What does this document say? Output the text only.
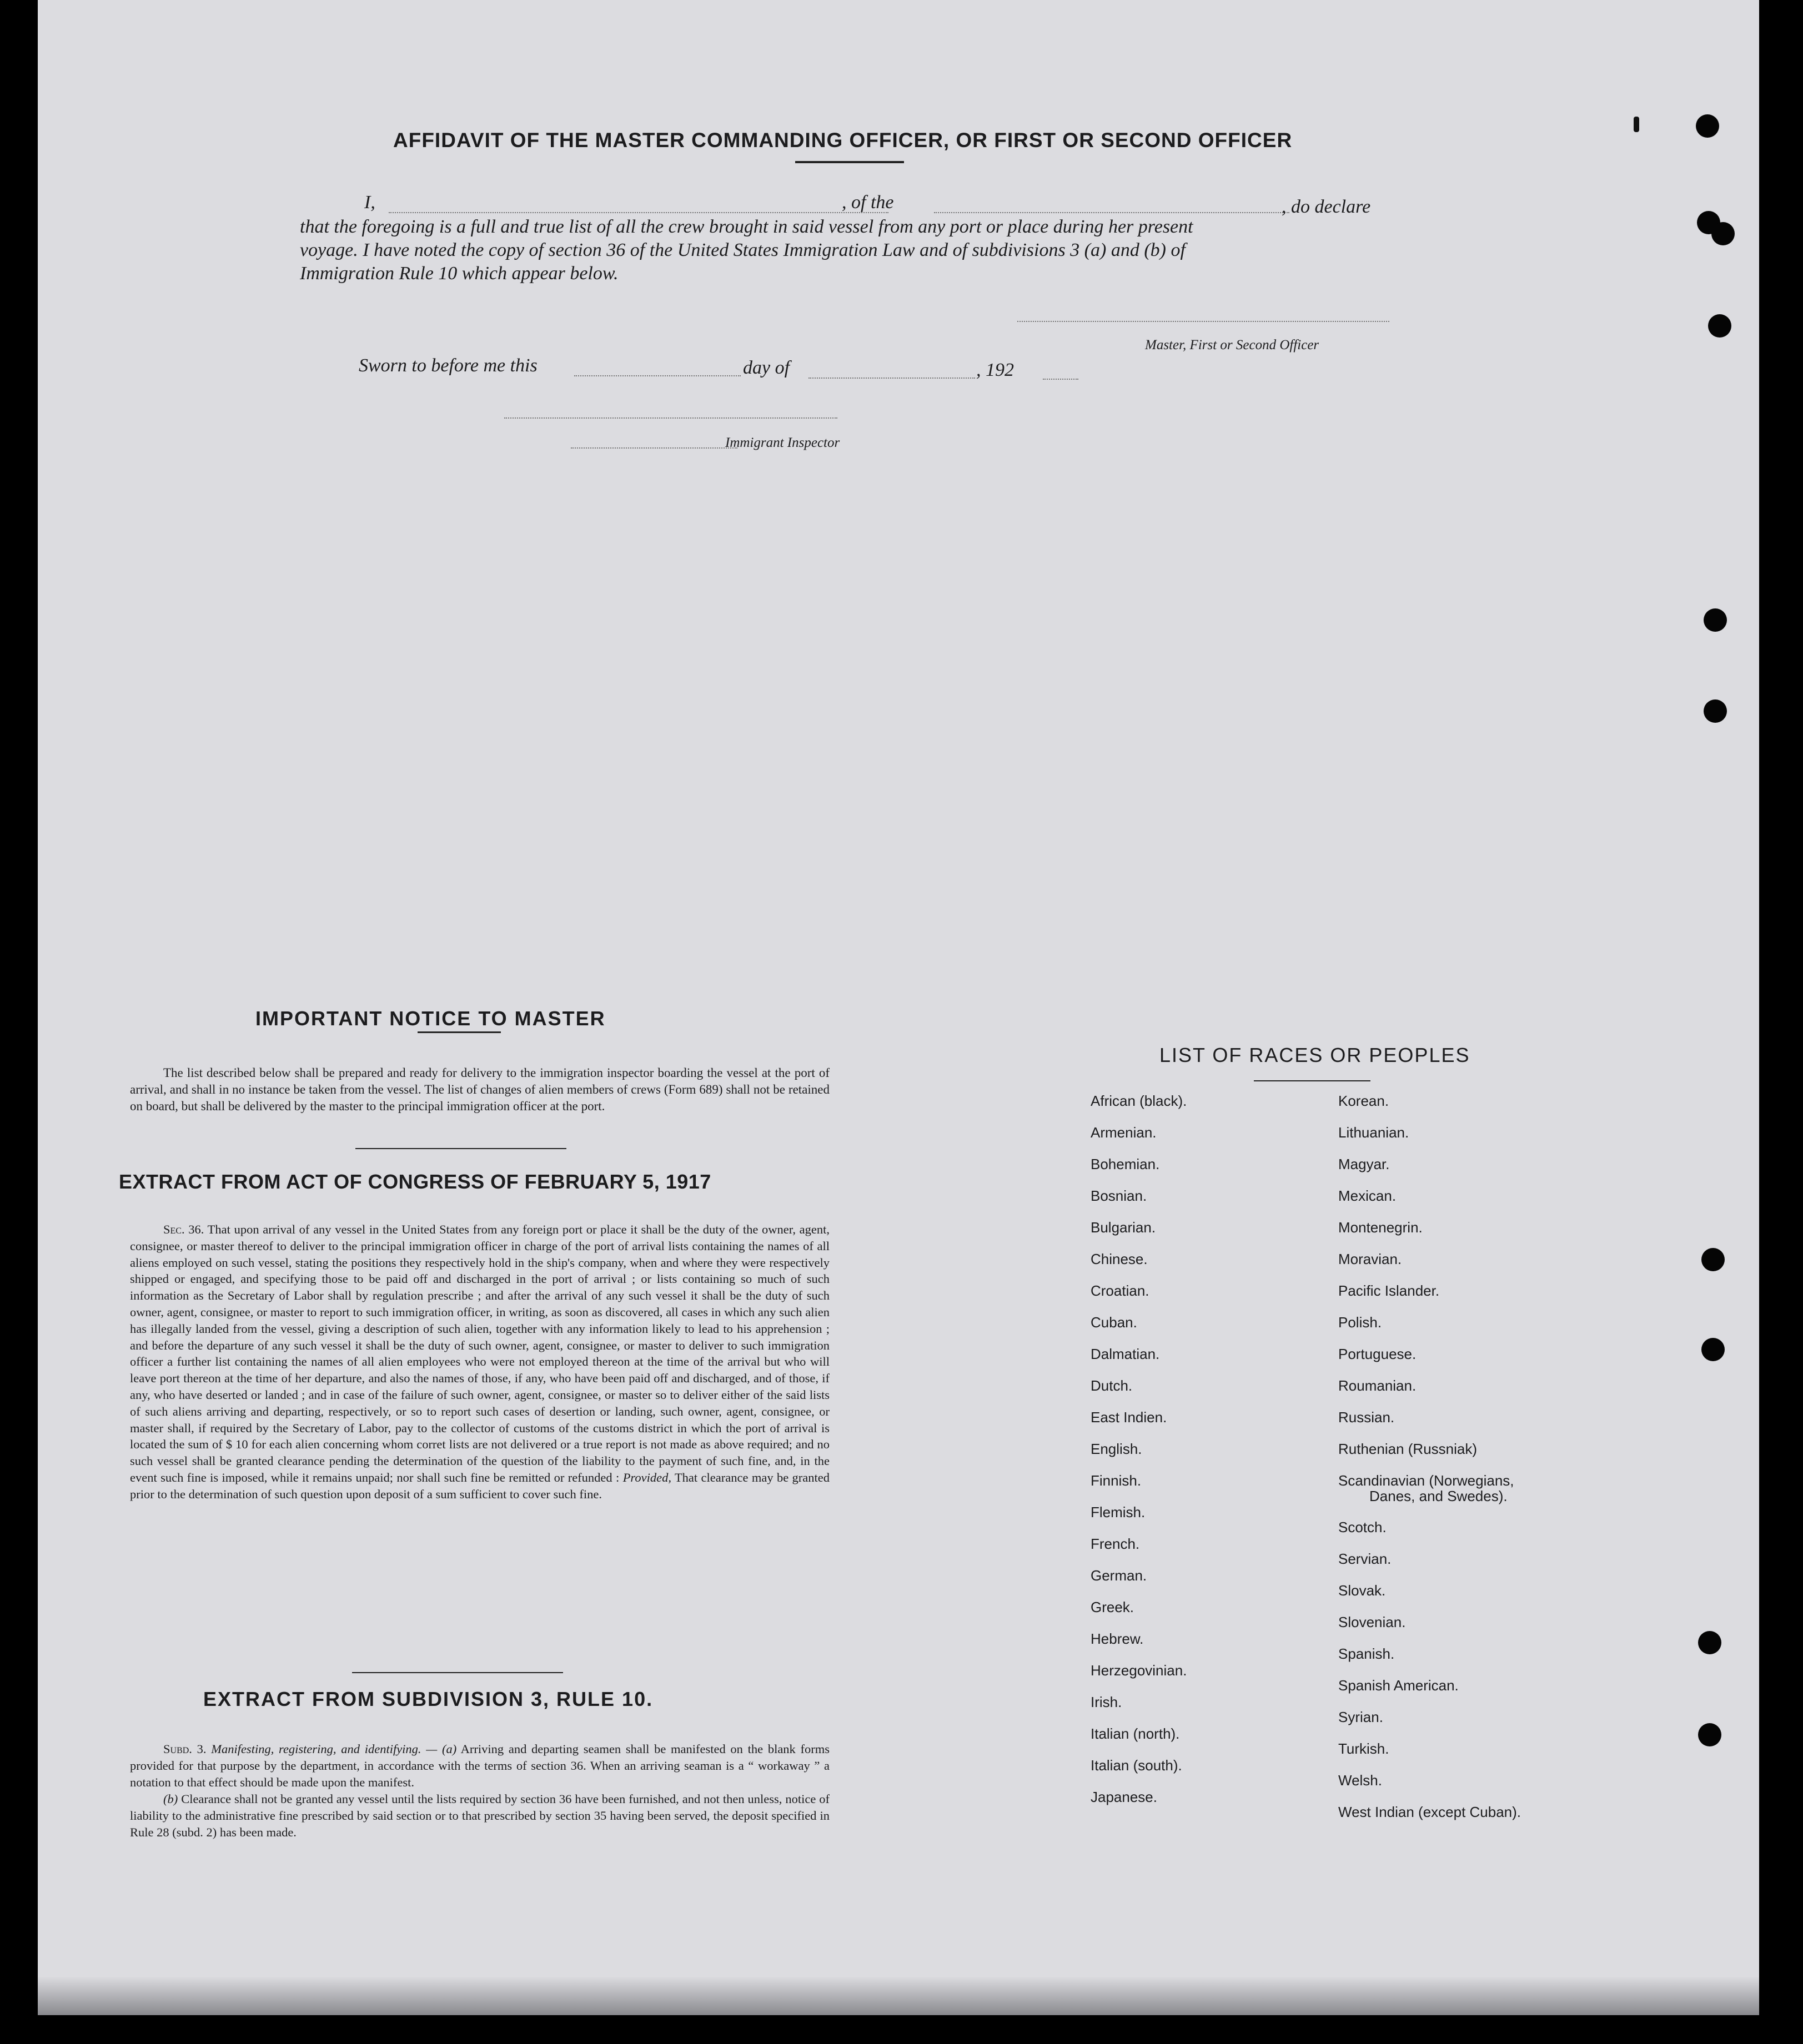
AFFIDAVIT OF THE MASTER COMMANDING OFFICER, OR FIRST OR SECOND OFFICER
I,	, of the	, do declare
that the foregoing is a full and true list of all the crew brought in said vessel from any port or place during her present
voyage. I have noted the copy of section 36 of the United States Immigration Law and of subdivisions 3 (a) and (b) of
Immigration Rule 10 which appear below.
Master, First or Second Officer
Sworn to before me this	day of	, 192
Immigrant Inspector
IMPORTANT NOTICE TO MASTER
The list described below shall be prepared and ready for delivery to the immigration inspector boarding the vessel at the port of arrival, and shall in no instance be taken from the vessel. The list of changes of alien members of crews (Form 689) shall not be retained on board, but shall be delivered by the master to the principal immigration officer at the port.
EXTRACT FROM ACT OF CONGRESS OF FEBRUARY 5, 1917
Sec. 36. That upon arrival of any vessel in the United States from any foreign port or place it shall be the duty of the owner, agent, consignee, or master thereof to deliver to the principal immigration officer in charge of the port of arrival lists containing the names of all aliens employed on such vessel, stating the positions they respectively hold in the ship's company, when and where they were respectively shipped or engaged, and specifying those to be paid off and discharged in the port of arrival ; or lists containing so much of such information as the Secretary of Labor shall by regulation prescribe ; and after the arrival of any such vessel it shall be the duty of such owner, agent, consignee, or master to report to such immigration officer, in writing, as soon as discovered, all cases in which any such alien has illegally landed from the vessel, giving a description of such alien, together with any information likely to lead to his apprehension ; and before the departure of any such vessel it shall be the duty of such owner, agent, consignee, or master to deliver to such immigration officer a further list containing the names of all alien employees who were not employed thereon at the time of the arrival but who will leave port thereon at the time of her departure, and also the names of those, if any, who have been paid off and discharged, and of those, if any, who have deserted or landed ; and in case of the failure of such owner, agent, consignee, or master so to deliver either of the said lists of such aliens arriving and departing, respectively, or so to report such cases of desertion or landing, such owner, agent, consignee, or master shall, if required by the Secretary of Labor, pay to the collector of customs of the customs district in which the port of arrival is located the sum of $ 10 for each alien concerning whom corret lists are not delivered or a true report is not made as above required; and no such vessel shall be granted clearance pending the determination of the question of the liability to the payment of such fine, and, in the event such fine is imposed, while it remains unpaid; nor shall such fine be remitted or refunded : Provided, That clearance may be granted prior to the determination of such question upon deposit of a sum sufficient to cover such fine.
EXTRACT FROM SUBDIVISION 3, RULE 10.
Subd. 3. Manifesting, registering, and identifying. — (a) Arriving and departing seamen shall be manifested on the blank forms provided for that purpose by the department, in accordance with the terms of section 36. When an arriving seaman is a “ workaway ” a notation to that effect should be made upon the manifest.
(b) Clearance shall not be granted any vessel until the lists required by section 36 have been furnished, and not then unless, notice of liability to the administrative fine prescribed by said section or to that prescribed by section 35 having been served, the deposit specified in Rule 28 (subd. 2) has been made.
LIST OF RACES OR PEOPLES
African (black).
Armenian.
Bohemian.
Bosnian.
Bulgarian.
Chinese.
Croatian.
Cuban.
Dalmatian.
Dutch.
East Indien.
English.
Finnish.
Flemish.
French.
German.
Greek.
Hebrew.
Herzegovinian.
Irish.
Italian (north).
Italian (south).
Japanese.
Korean.
Lithuanian.
Magyar.
Mexican.
Montenegrin.
Moravian.
Pacific Islander.
Polish.
Portuguese.
Roumanian.
Russian.
Ruthenian (Russniak)
Scandinavian (Norwegians,
Danes, and Swedes).
Scotch.
Servian.
Slovak.
Slovenian.
Spanish.
Spanish American.
Syrian.
Turkish.
Welsh.
West Indian (except Cuban).
